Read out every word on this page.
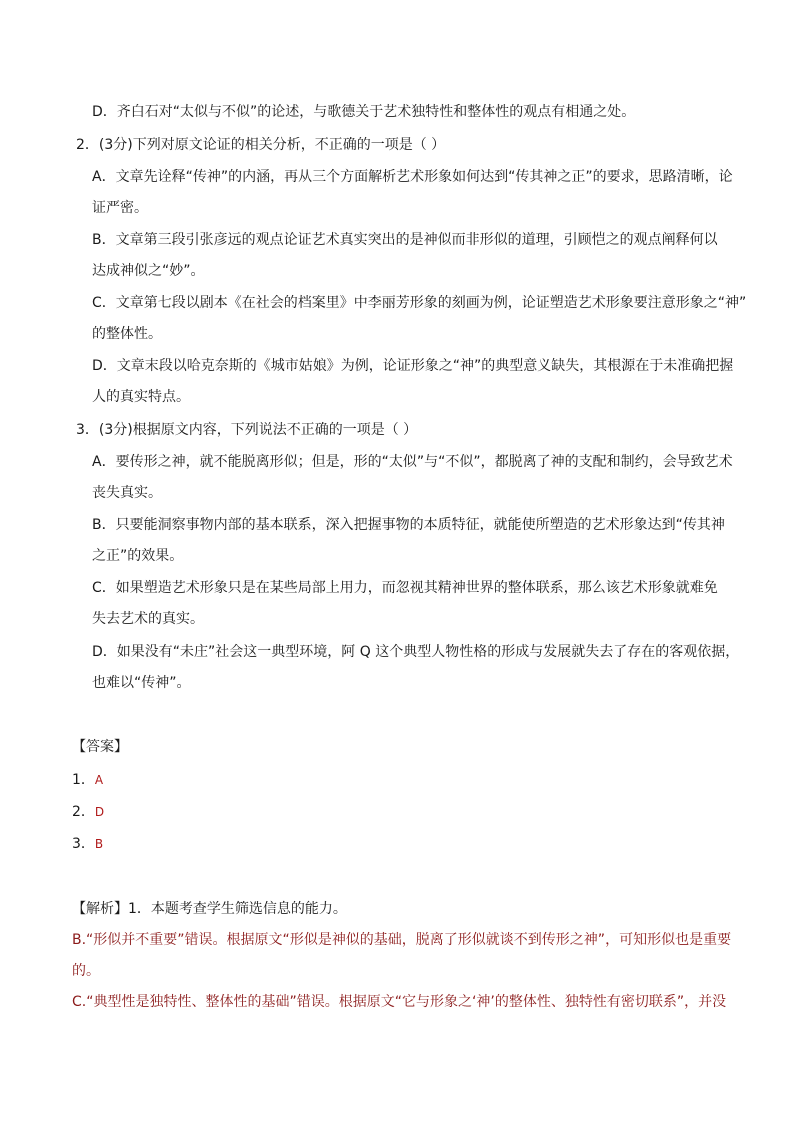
D．齐白石对“太似与不似”的论述，与歌德关于艺术独特性和整体性的观点有相通之处。
2．(3分)下列对原文论证的相关分析，不正确的一项是（ ）
A．文章先诠释“传神”的内涵，再从三个方面解析艺术形象如何达到“传其神之正”的要求，思路清晰，论
证严密。
B．文章第三段引张彦远的观点论证艺术真实突出的是神似而非形似的道理，引顾恺之的观点阐释何以
达成神似之“妙”。
C．文章第七段以剧本《在社会的档案里》中李丽芳形象的刻画为例，论证塑造艺术形象要注意形象之“神”
的整体性。
D．文章末段以哈克奈斯的《城市姑娘》为例，论证形象之“神”的典型意义缺失，其根源在于未准确把握
人的真实特点。
3．(3分)根据原文内容，下列说法不正确的一项是（ ）
A．要传形之神，就不能脱离形似；但是，形的“太似”与“不似”，都脱离了神的支配和制约，会导致艺术
丧失真实。
B．只要能洞察事物内部的基本联系，深入把握事物的本质特征，就能使所塑造的艺术形象达到“传其神
之正”的效果。
C．如果塑造艺术形象只是在某些局部上用力，而忽视其精神世界的整体联系，那么该艺术形象就难免
失去艺术的真实。
D．如果没有“未庄”社会这一典型环境，阿 Q 这个典型人物性格的形成与发展就失去了存在的客观依据，
也难以“传神”。
【答案】
1．A
2．D
3．B
【解析】1．本题考查学生筛选信息的能力。
B.“形似并不重要”错误。根据原文“形似是神似的基础，脱离了形似就谈不到传形之神”，可知形似也是重要
的。
C.“典型性是独特性、整体性的基础”错误。根据原文“它与形象之‘神’的整体性、独特性有密切联系”，并没
